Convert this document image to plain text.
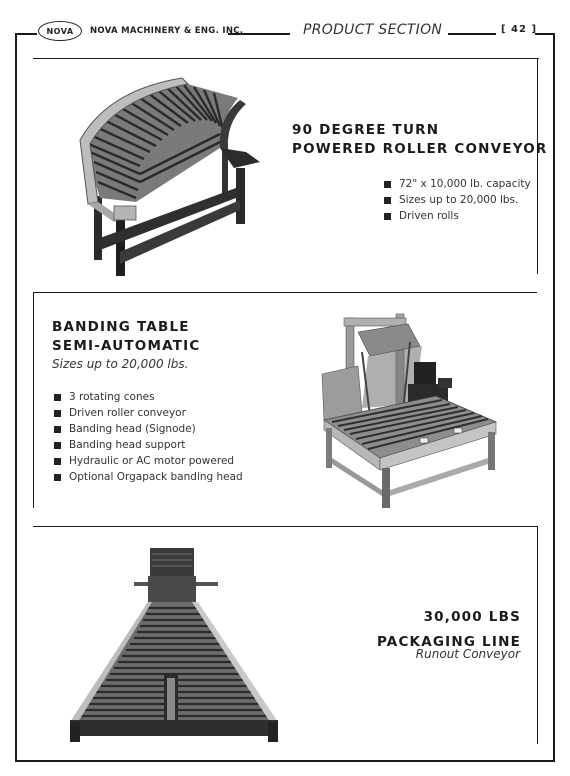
NOVA NOVA MACHINERY & ENG. INC.	PRODUCT SECTION	[ 42 ]
90 DEGREE TURN
POWERED ROLLER CONVEYOR
72" x 10,000 lb. capacity
Sizes up to 20,000 lbs.
Driven rolls
BANDING TABLE
SEMI-AUTOMATIC
Sizes up to 20,000 lbs.
3 rotating cones
Driven roller conveyor
Banding head (Signode)
Banding head support
Hydraulic or AC motor powered
Optional Orgapack banding head
30,000 LBS
PACKAGING LINE
Runout Conveyor
